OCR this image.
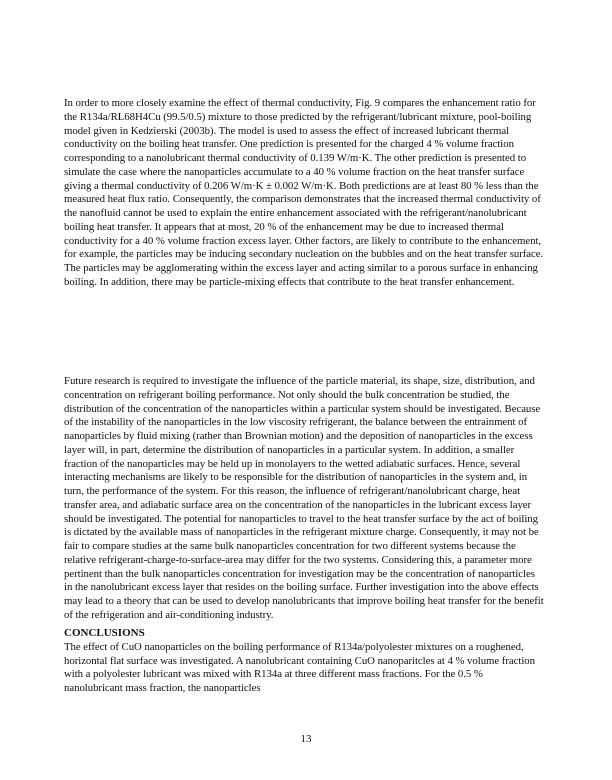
In order to more closely examine the effect of thermal conductivity, Fig. 9 compares the enhancement ratio for the R134a/RL68H4Cu (99.5/0.5) mixture to those predicted by the refrigerant/lubricant mixture, pool-boiling model given in Kedzierski (2003b). The model is used to assess the effect of increased lubricant thermal conductivity on the boiling heat transfer. One prediction is presented for the charged 4 % volume fraction corresponding to a nanolubricant thermal conductivity of 0.139 W/m·K. The other prediction is presented to simulate the case where the nanoparticles accumulate to a 40 % volume fraction on the heat transfer surface giving a thermal conductivity of 0.206 W/m·K ± 0.002 W/m·K. Both predictions are at least 80 % less than the measured heat flux ratio. Consequently, the comparison demonstrates that the increased thermal conductivity of the nanofluid cannot be used to explain the entire enhancement associated with the refrigerant/nanolubricant boiling heat transfer. It appears that at most, 20 % of the enhancement may be due to increased thermal conductivity for a 40 % volume fraction excess layer. Other factors, are likely to contribute to the enhancement, for example, the particles may be inducing secondary nucleation on the bubbles and on the heat transfer surface. The particles may be agglomerating within the excess layer and acting similar to a porous surface in enhancing boiling. In addition, there may be particle-mixing effects that contribute to the heat transfer enhancement.

Future research is required to investigate the influence of the particle material, its shape, size, distribution, and concentration on refrigerant boiling performance. Not only should the bulk concentration be studied, the distribution of the concentration of the nanoparticles within a particular system should be investigated. Because of the instability of the nanoparticles in the low viscosity refrigerant, the balance between the entrainment of nanoparticles by fluid mixing (rather than Brownian motion) and the deposition of nanoparticles in the excess layer will, in part, determine the distribution of nanoparticles in a particular system. In addition, a smaller fraction of the nanoparticles may be held up in monolayers to the wetted adiabatic surfaces. Hence, several interacting mechanisms are likely to be responsible for the distribution of nanoparticles in the system and, in turn, the performance of the system. For this reason, the influence of refrigerant/nanolubricant charge, heat transfer area, and adiabatic surface area on the concentration of the nanoparticles in the lubricant excess layer should be investigated. The potential for nanoparticles to travel to the heat transfer surface by the act of boiling is dictated by the available mass of nanoparticles in the refrigerant mixture charge. Consequently, it may not be fair to compare studies at the same bulk nanoparticles concentration for two different systems because the relative refrigerant-charge-to-surface-area may differ for the two systems. Considering this, a parameter more pertinent than the bulk nanoparticles concentration for investigation may be the concentration of nanoparticles in the nanolubricant excess layer that resides on the boiling surface. Further investigation into the above effects may lead to a theory that can be used to develop nanolubricants that improve boiling heat transfer for the benefit of the refrigeration and air-conditioning industry.

CONCLUSIONS

The effect of CuO nanoparticles on the boiling performance of R134a/polyolester mixtures on a roughened, horizontal flat surface was investigated. A nanolubricant containing CuO nanoparitcles at 4 % volume fraction with a polyolester lubricant was mixed with R134a at three different mass fractions. For the 0.5 % nanolubricant mass fraction, the nanoparticles

13
